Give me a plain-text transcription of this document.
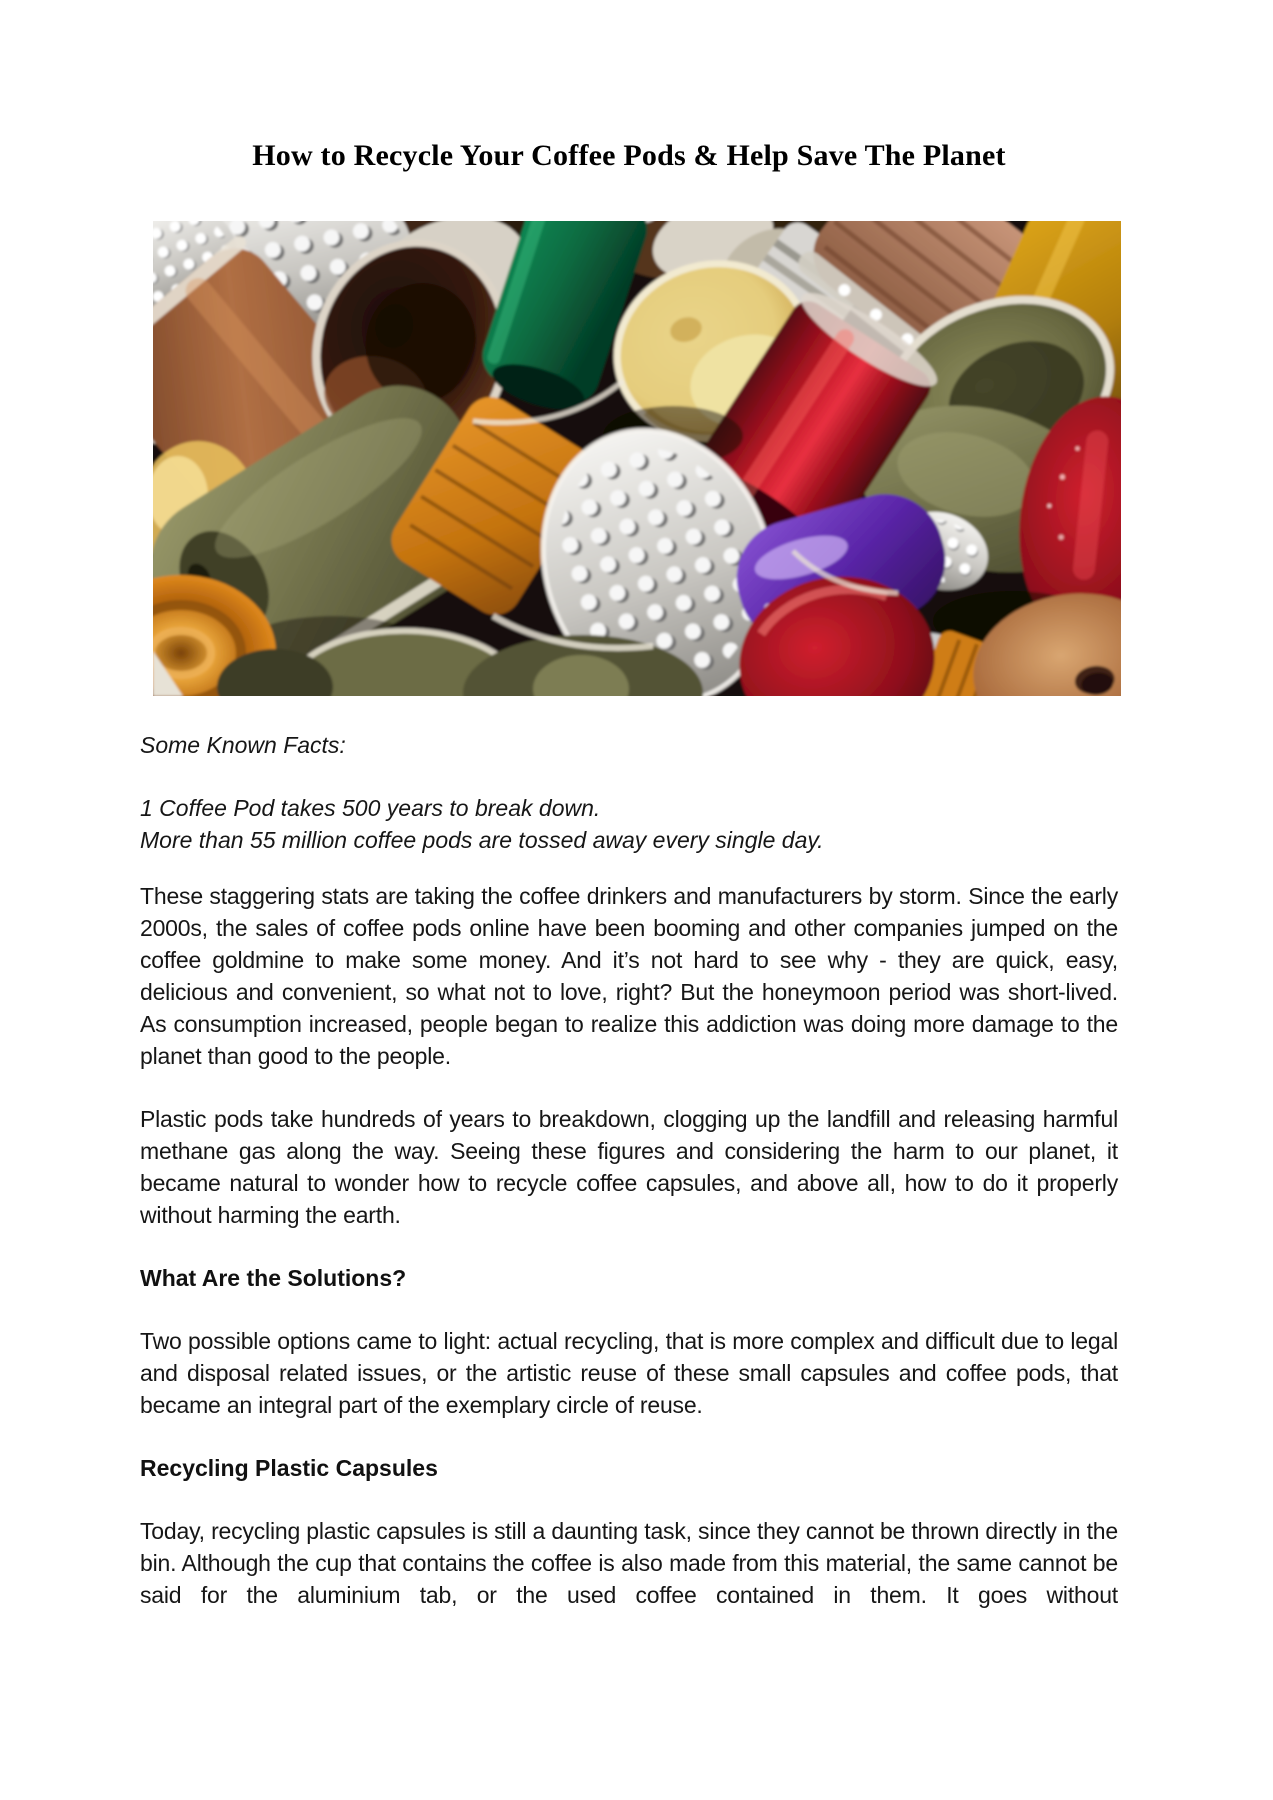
How to Recycle Your Coffee Pods & Help Save The Planet

Some Known Facts:

1 Coffee Pod takes 500 years to break down.
More than 55 million coffee pods are tossed away every single day.

These staggering stats are taking the coffee drinkers and manufacturers by storm. Since the early 2000s, the sales of coffee pods online have been booming and other companies jumped on the coffee goldmine to make some money. And it’s not hard to see why - they are quick, easy, delicious and convenient, so what not to love, right? But the honeymoon period was short-lived. As consumption increased, people began to realize this addiction was doing more damage to the planet than good to the people.

Plastic pods take hundreds of years to breakdown, clogging up the landfill and releasing harmful methane gas along the way. Seeing these figures and considering the harm to our planet, it became natural to wonder how to recycle coffee capsules, and above all, how to do it properly without harming the earth.

What Are the Solutions?

Two possible options came to light: actual recycling, that is more complex and difficult due to legal and disposal related issues, or the artistic reuse of these small capsules and coffee pods, that became an integral part of the exemplary circle of reuse.

Recycling Plastic Capsules

Today, recycling plastic capsules is still a daunting task, since they cannot be thrown directly in the bin. Although the cup that contains the coffee is also made from this material, the same cannot be said for the aluminium tab, or the used coffee contained in them. It goes without
